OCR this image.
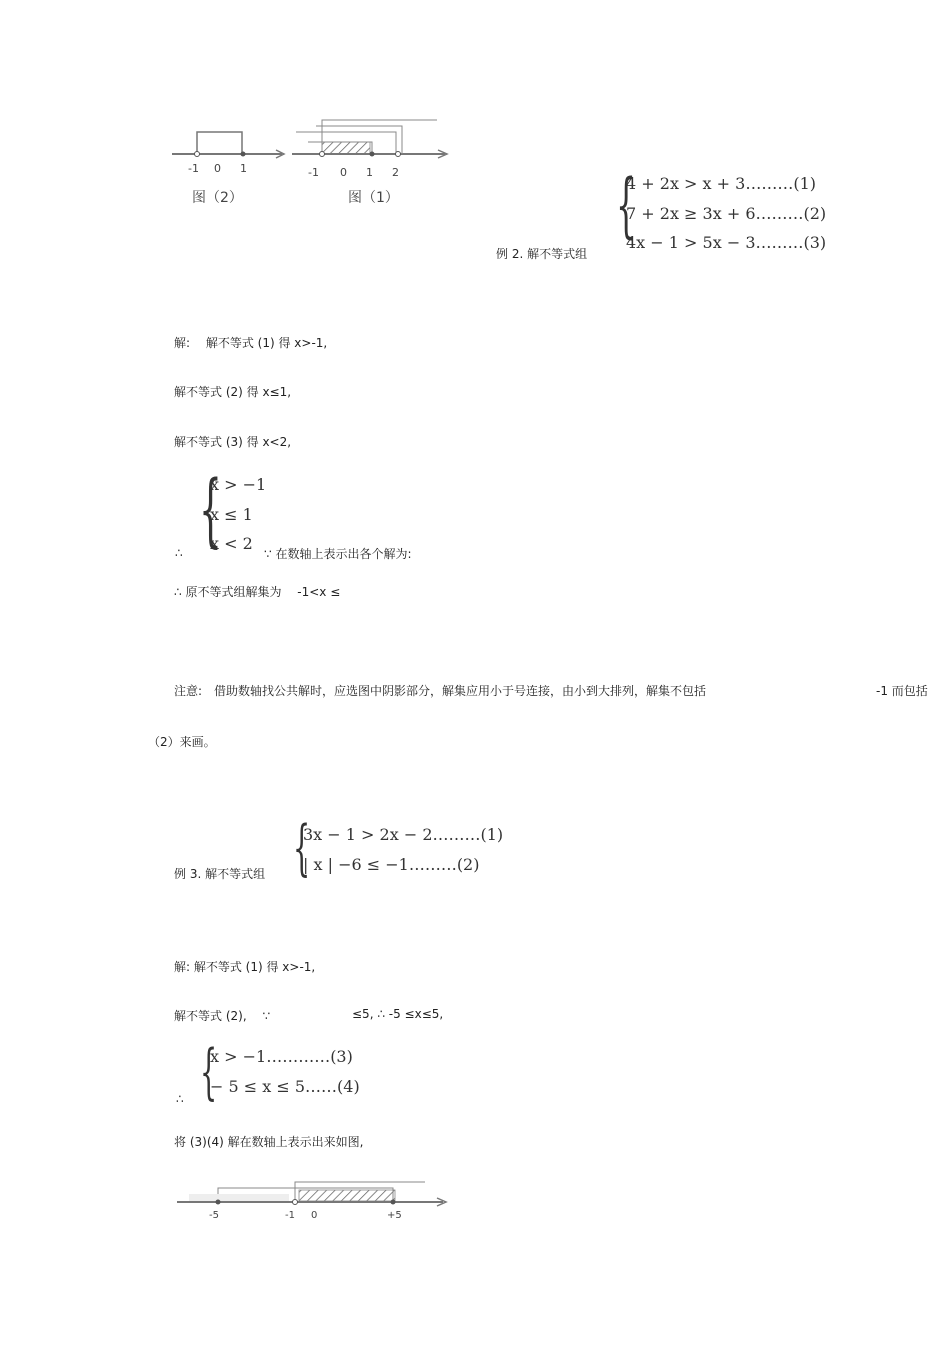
-1 0 1
图（2）
-1 0 1 2
图（1）
例 2. 解不等式组
{
4 + 2x > x + 3………(1)
7 + 2x ≥ 3x + 6………(2)
4x − 1 > 5x − 3………(3)
解:　 解不等式 (1) 得 x>-1,
解不等式 (2) 得 x≤1,
解不等式 (3) 得 x<2,
∴ {
x > −1
x ≤ 1
x < 2
∵ 在数轴上表示出各个解为:
∴ 原不等式组解集为　 -1<x ≤
注意:　借助数轴找公共解时，应选图中阴影部分，解集应用小于号连接，由小到大排列，解集不包括	-1 而包括
（2）来画。
例 3. 解不等式组 {
3x − 1 > 2x − 2………(1)
| x | −6 ≤ −1………(2)
解: 解不等式 (1) 得 x>-1,
解不等式 (2),　 ∵	≤5, ∴ -5 ≤x≤5,
∴ {
x > −1…………(3)
− 5 ≤ x ≤ 5……(4)
将 (3)(4) 解在数轴上表示出来如图,
-5	-1 0	+5
